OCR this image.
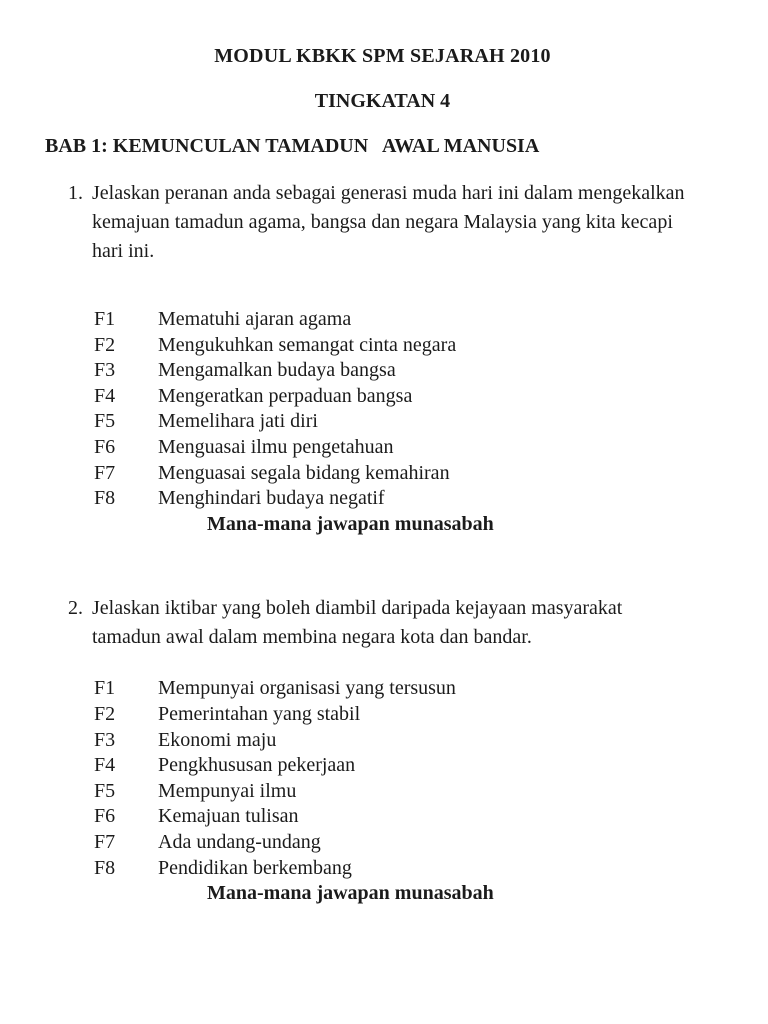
MODUL KBKK SPM SEJARAH 2010
TINGKATAN 4
BAB 1: KEMUNCULAN TAMADUN   AWAL MANUSIA
1. Jelaskan peranan anda sebagai generasi muda hari ini dalam mengekalkan kemajuan tamadun agama, bangsa dan negara Malaysia yang kita kecapi hari ini.

F1	Mematuhi ajaran agama
F2	Mengukuhkan semangat cinta negara
F3	Mengamalkan budaya bangsa
F4	Mengeratkan perpaduan bangsa
F5	Memelihara jati diri
F6	Menguasai ilmu pengetahuan
F7	Menguasai segala bidang kemahiran
F8	Menghindari budaya negatif
Mana-mana jawapan munasabah
2. Jelaskan iktibar yang boleh diambil daripada kejayaan masyarakat tamadun awal dalam membina negara kota dan bandar.

F1	Mempunyai organisasi yang tersusun
F2	Pemerintahan yang stabil
F3	Ekonomi maju
F4	Pengkhususan pekerjaan
F5	Mempunyai ilmu
F6	Kemajuan tulisan
F7	Ada undang-undang
F8	Pendidikan berkembang
Mana-mana jawapan munasabah
